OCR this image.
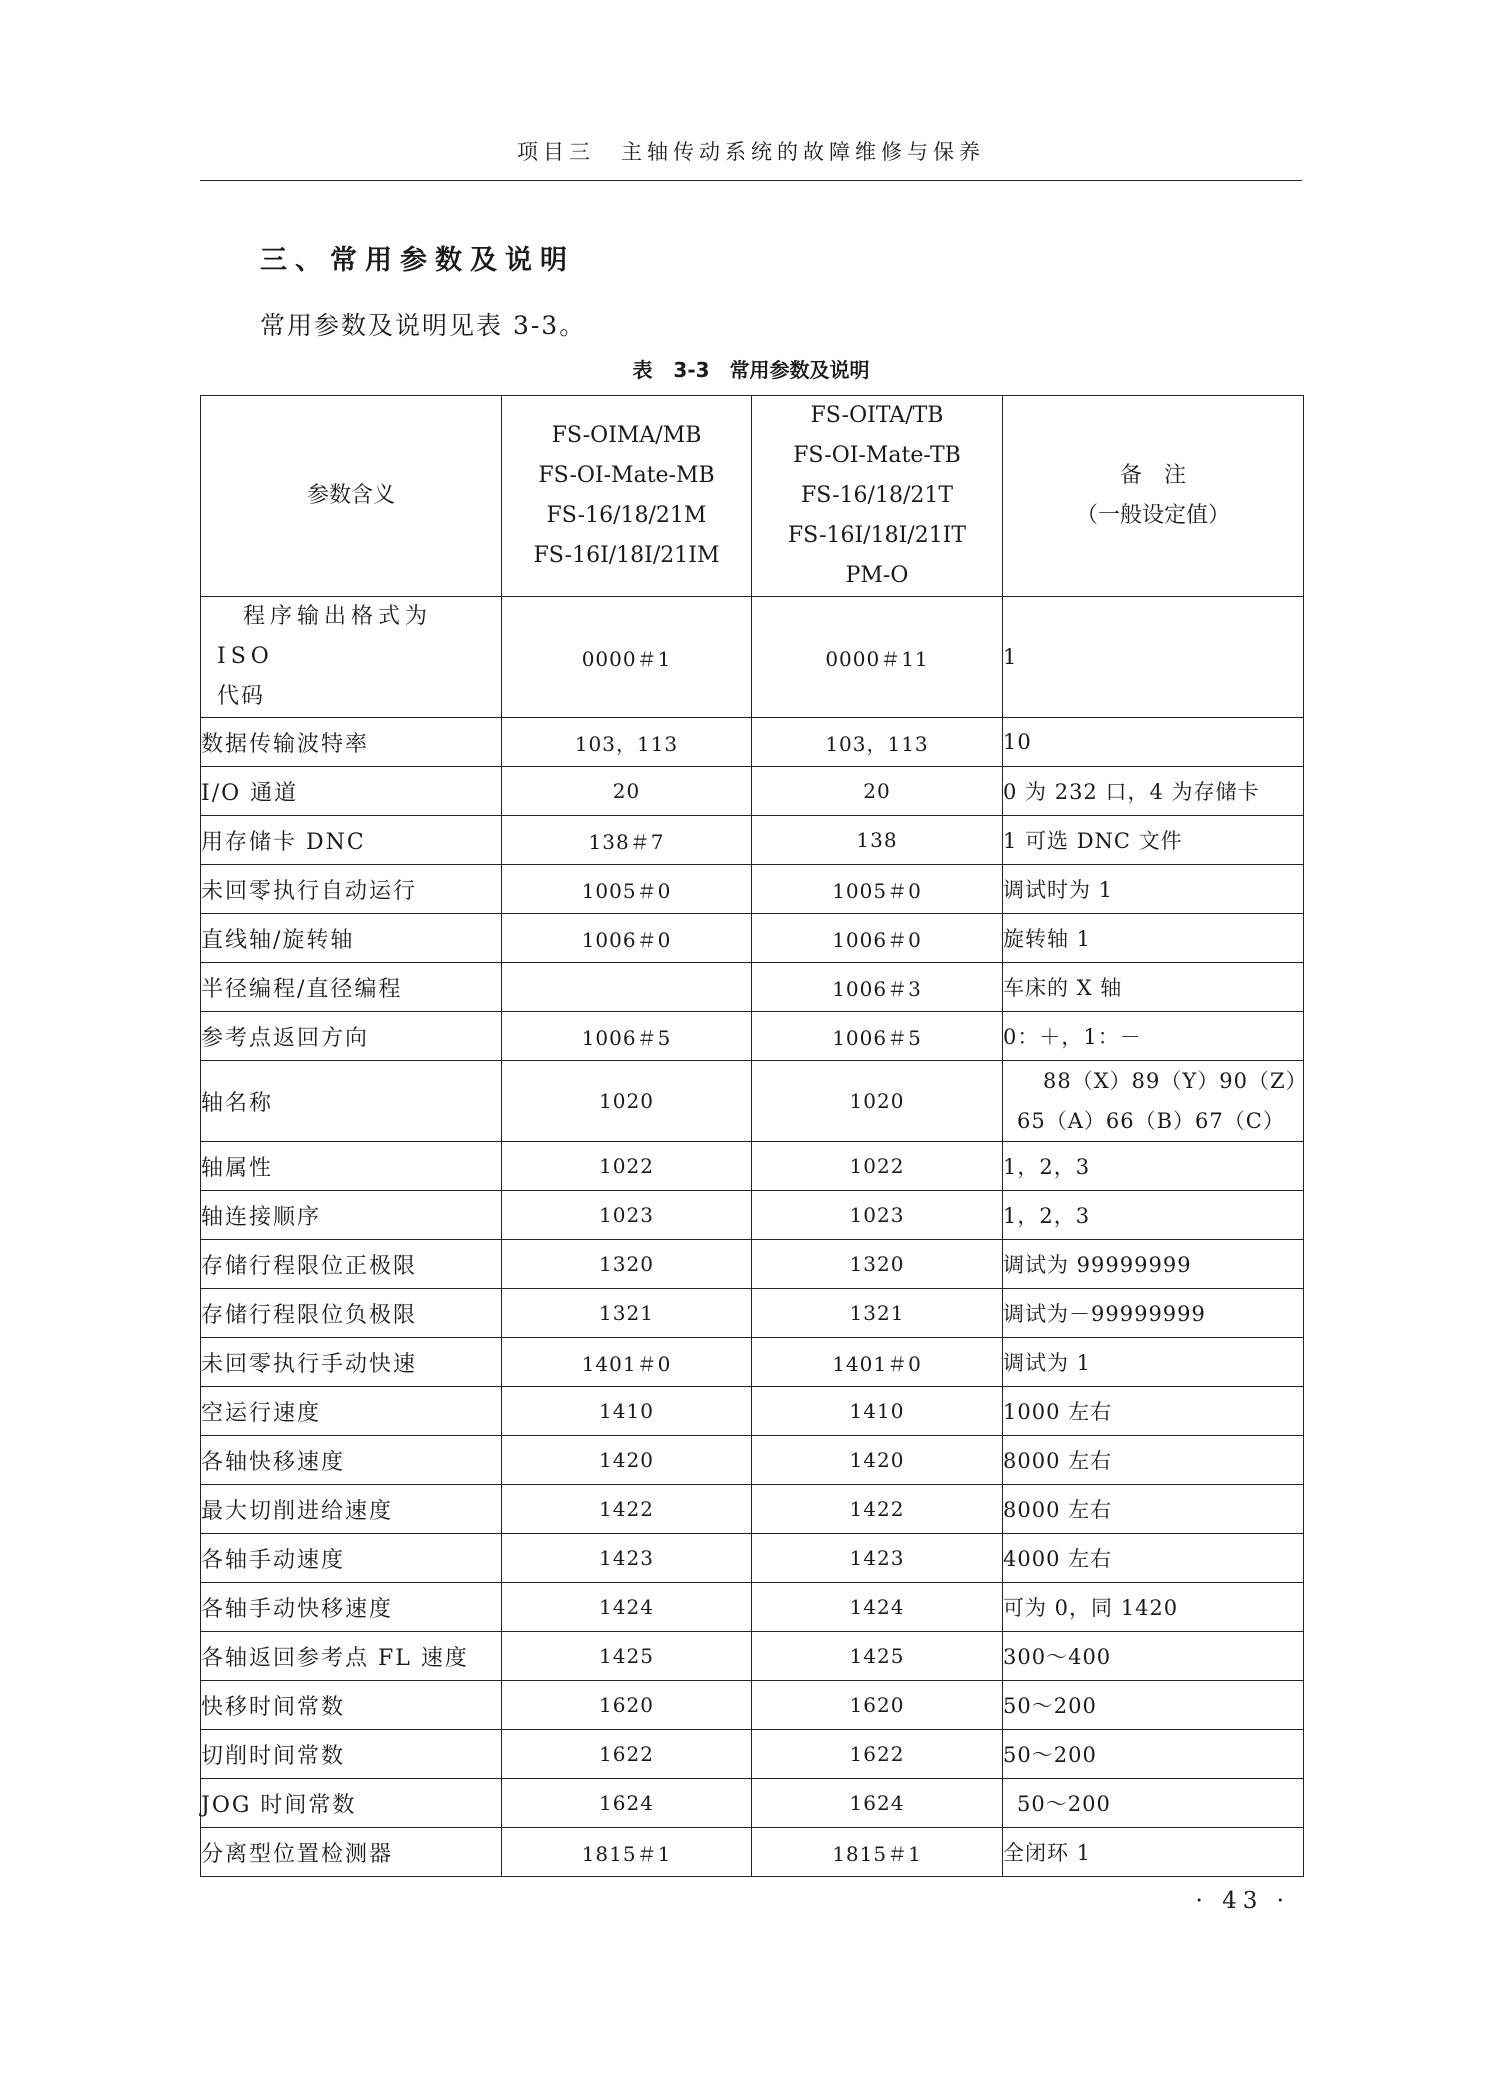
项目三　主轴传动系统的故障维修与保养
三、常用参数及说明
常用参数及说明见表 3-3。
表 3-3　常用参数及说明
参数含义	FS-OIMA/MB
FS-OI-Mate-MB
FS-16/18/21M
FS-16I/18I/21IM	FS-OITA/TB
FS-OI-Mate-TB
FS-16/18/21T
FS-16I/18I/21IT
PM-O	备　注
（一般设定值）

程序输出格式为 ISO
代码	0000＃1	0000＃11	1
数据传输波特率	103，113	103，113	10
I/O 通道	20	20	0 为 232 口，4 为存储卡
用存储卡 DNC	138＃7	138	1 可选 DNC 文件
未回零执行自动运行	1005＃0	1005＃0	调试时为 1
直线轴/旋转轴	1006＃0	1006＃0	旋转轴 1
半径编程/直径编程		1006＃3	车床的 X 轴
参考点返回方向	1006＃5	1006＃5	0：＋，1：－
轴名称	1020	1020	88（X）89（Y）90（Z）
65（A）66（B）67（C）

轴属性	1022	1022	1，2，3
轴连接顺序	1023	1023	1，2，3
存储行程限位正极限	1320	1320	调试为 99999999
存储行程限位负极限	1321	1321	调试为－99999999
未回零执行手动快速	1401＃0	1401＃0	调试为 1
空运行速度	1410	1410	1000 左右
各轴快移速度	1420	1420	8000 左右
最大切削进给速度	1422	1422	8000 左右
各轴手动速度	1423	1423	4000 左右
各轴手动快移速度	1424	1424	可为 0，同 1420
各轴返回参考点 FL 速度	1425	1425	300～400
快移时间常数	1620	1620	50～200
切削时间常数	1622	1622	50～200
JOG 时间常数	1624	1624	50～200
分离型位置检测器	1815＃1	1815＃1	全闭环 1
· 43 ·
